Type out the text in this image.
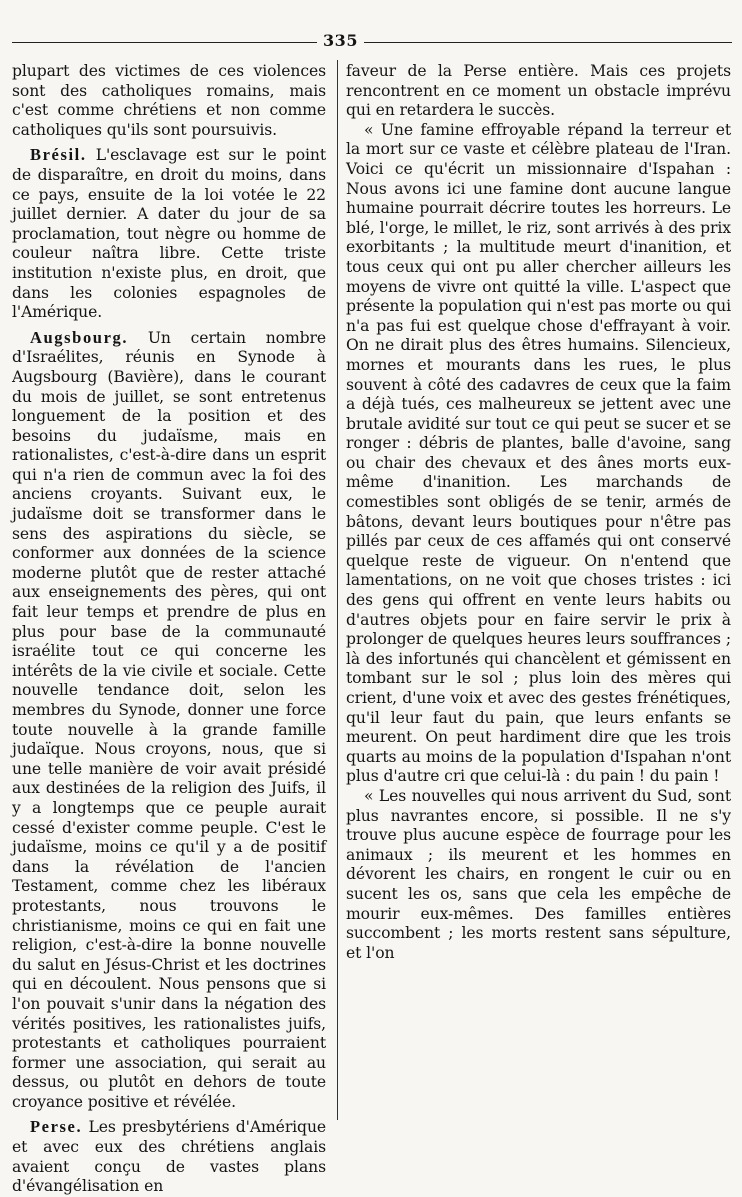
335

plupart des victimes de ces violences sont des catholiques romains, mais c'est comme chrétiens et non comme catholiques qu'ils sont poursuivis.

Brésil. L'esclavage est sur le point de disparaître, en droit du moins, dans ce pays, ensuite de la loi votée le 22 juillet dernier. A dater du jour de sa proclamation, tout nègre ou homme de couleur naîtra libre. Cette triste institution n'existe plus, en droit, que dans les colonies espagnoles de l'Amérique.

Augsbourg. Un certain nombre d'Israélites, réunis en Synode à Augsbourg (Bavière), dans le courant du mois de juillet, se sont entretenus longuement de la position et des besoins du judaïsme, mais en rationalistes, c'est-à-dire dans un esprit qui n'a rien de commun avec la foi des anciens croyants. Suivant eux, le judaïsme doit se transformer dans le sens des aspirations du siècle, se conformer aux données de la science moderne plutôt que de rester attaché aux enseignements des pères, qui ont fait leur temps et prendre de plus en plus pour base de la communauté israélite tout ce qui concerne les intérêts de la vie civile et sociale. Cette nouvelle tendance doit, selon les membres du Synode, donner une force toute nouvelle à la grande famille judaïque. Nous croyons, nous, que si une telle manière de voir avait présidé aux destinées de la religion des Juifs, il y a longtemps que ce peuple aurait cessé d'exister comme peuple. C'est le judaïsme, moins ce qu'il y a de positif dans la révélation de l'ancien Testament, comme chez les libéraux protestants, nous trouvons le christianisme, moins ce qui en fait une religion, c'est-à-dire la bonne nouvelle du salut en Jésus-Christ et les doctrines qui en découlent. Nous pensons que si l'on pouvait s'unir dans la négation des vérités positives, les rationalistes juifs, protestants et catholiques pourraient former une association, qui serait au dessus, ou plutôt en dehors de toute croyance positive et révélée.

Perse. Les presbytériens d'Amérique et avec eux des chrétiens anglais avaient conçu de vastes plans d'évangélisation en

faveur de la Perse entière. Mais ces projets rencontrent en ce moment un obstacle imprévu qui en retardera le succès.

« Une famine effroyable répand la terreur et la mort sur ce vaste et célèbre plateau de l'Iran. Voici ce qu'écrit un missionnaire d'Ispahan : Nous avons ici une famine dont aucune langue humaine pourrait décrire toutes les horreurs. Le blé, l'orge, le millet, le riz, sont arrivés à des prix exorbitants ; la multitude meurt d'inanition, et tous ceux qui ont pu aller chercher ailleurs les moyens de vivre ont quitté la ville. L'aspect que présente la population qui n'est pas morte ou qui n'a pas fui est quelque chose d'effrayant à voir. On ne dirait plus des êtres humains. Silencieux, mornes et mourants dans les rues, le plus souvent à côté des cadavres de ceux que la faim a déjà tués, ces malheureux se jettent avec une brutale avidité sur tout ce qui peut se sucer et se ronger : débris de plantes, balle d'avoine, sang ou chair des chevaux et des ânes morts eux-même d'inanition. Les marchands de comestibles sont obligés de se tenir, armés de bâtons, devant leurs boutiques pour n'être pas pillés par ceux de ces affamés qui ont conservé quelque reste de vigueur. On n'entend que lamentations, on ne voit que choses tristes : ici des gens qui offrent en vente leurs habits ou d'autres objets pour en faire servir le prix à prolonger de quelques heures leurs souffrances ; là des infortunés qui chancèlent et gémissent en tombant sur le sol ; plus loin des mères qui crient, d'une voix et avec des gestes frénétiques, qu'il leur faut du pain, que leurs enfants se meurent. On peut hardiment dire que les trois quarts au moins de la population d'Ispahan n'ont plus d'autre cri que celui-là : du pain ! du pain !

« Les nouvelles qui nous arrivent du Sud, sont plus navrantes encore, si possible. Il ne s'y trouve plus aucune espèce de fourrage pour les animaux ; ils meurent et les hommes en dévorent les chairs, en rongent le cuir ou en sucent les os, sans que cela les empêche de mourir eux-mêmes. Des familles entières succombent ; les morts restent sans sépulture, et l'on
